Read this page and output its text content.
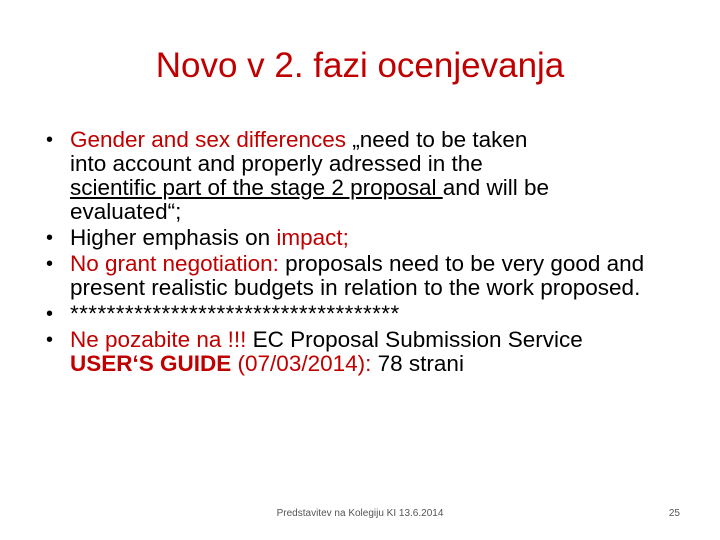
Novo v 2. fazi ocenjevanja
• Gender and sex differences „need to be taken
into account and properly adressed in the
scientific part of the stage 2 proposal and will be
evaluated“;
• Higher emphasis on impact;
• No grant negotiation: proposals need to be very good and present realistic budgets in relation to the work proposed.
• ************************************
• Ne pozabite na !!! EC Proposal Submission Service
USER‘S GUIDE (07/03/2014): 78 strani
Predstavitev na Kolegiju KI 13.6.2014	25
